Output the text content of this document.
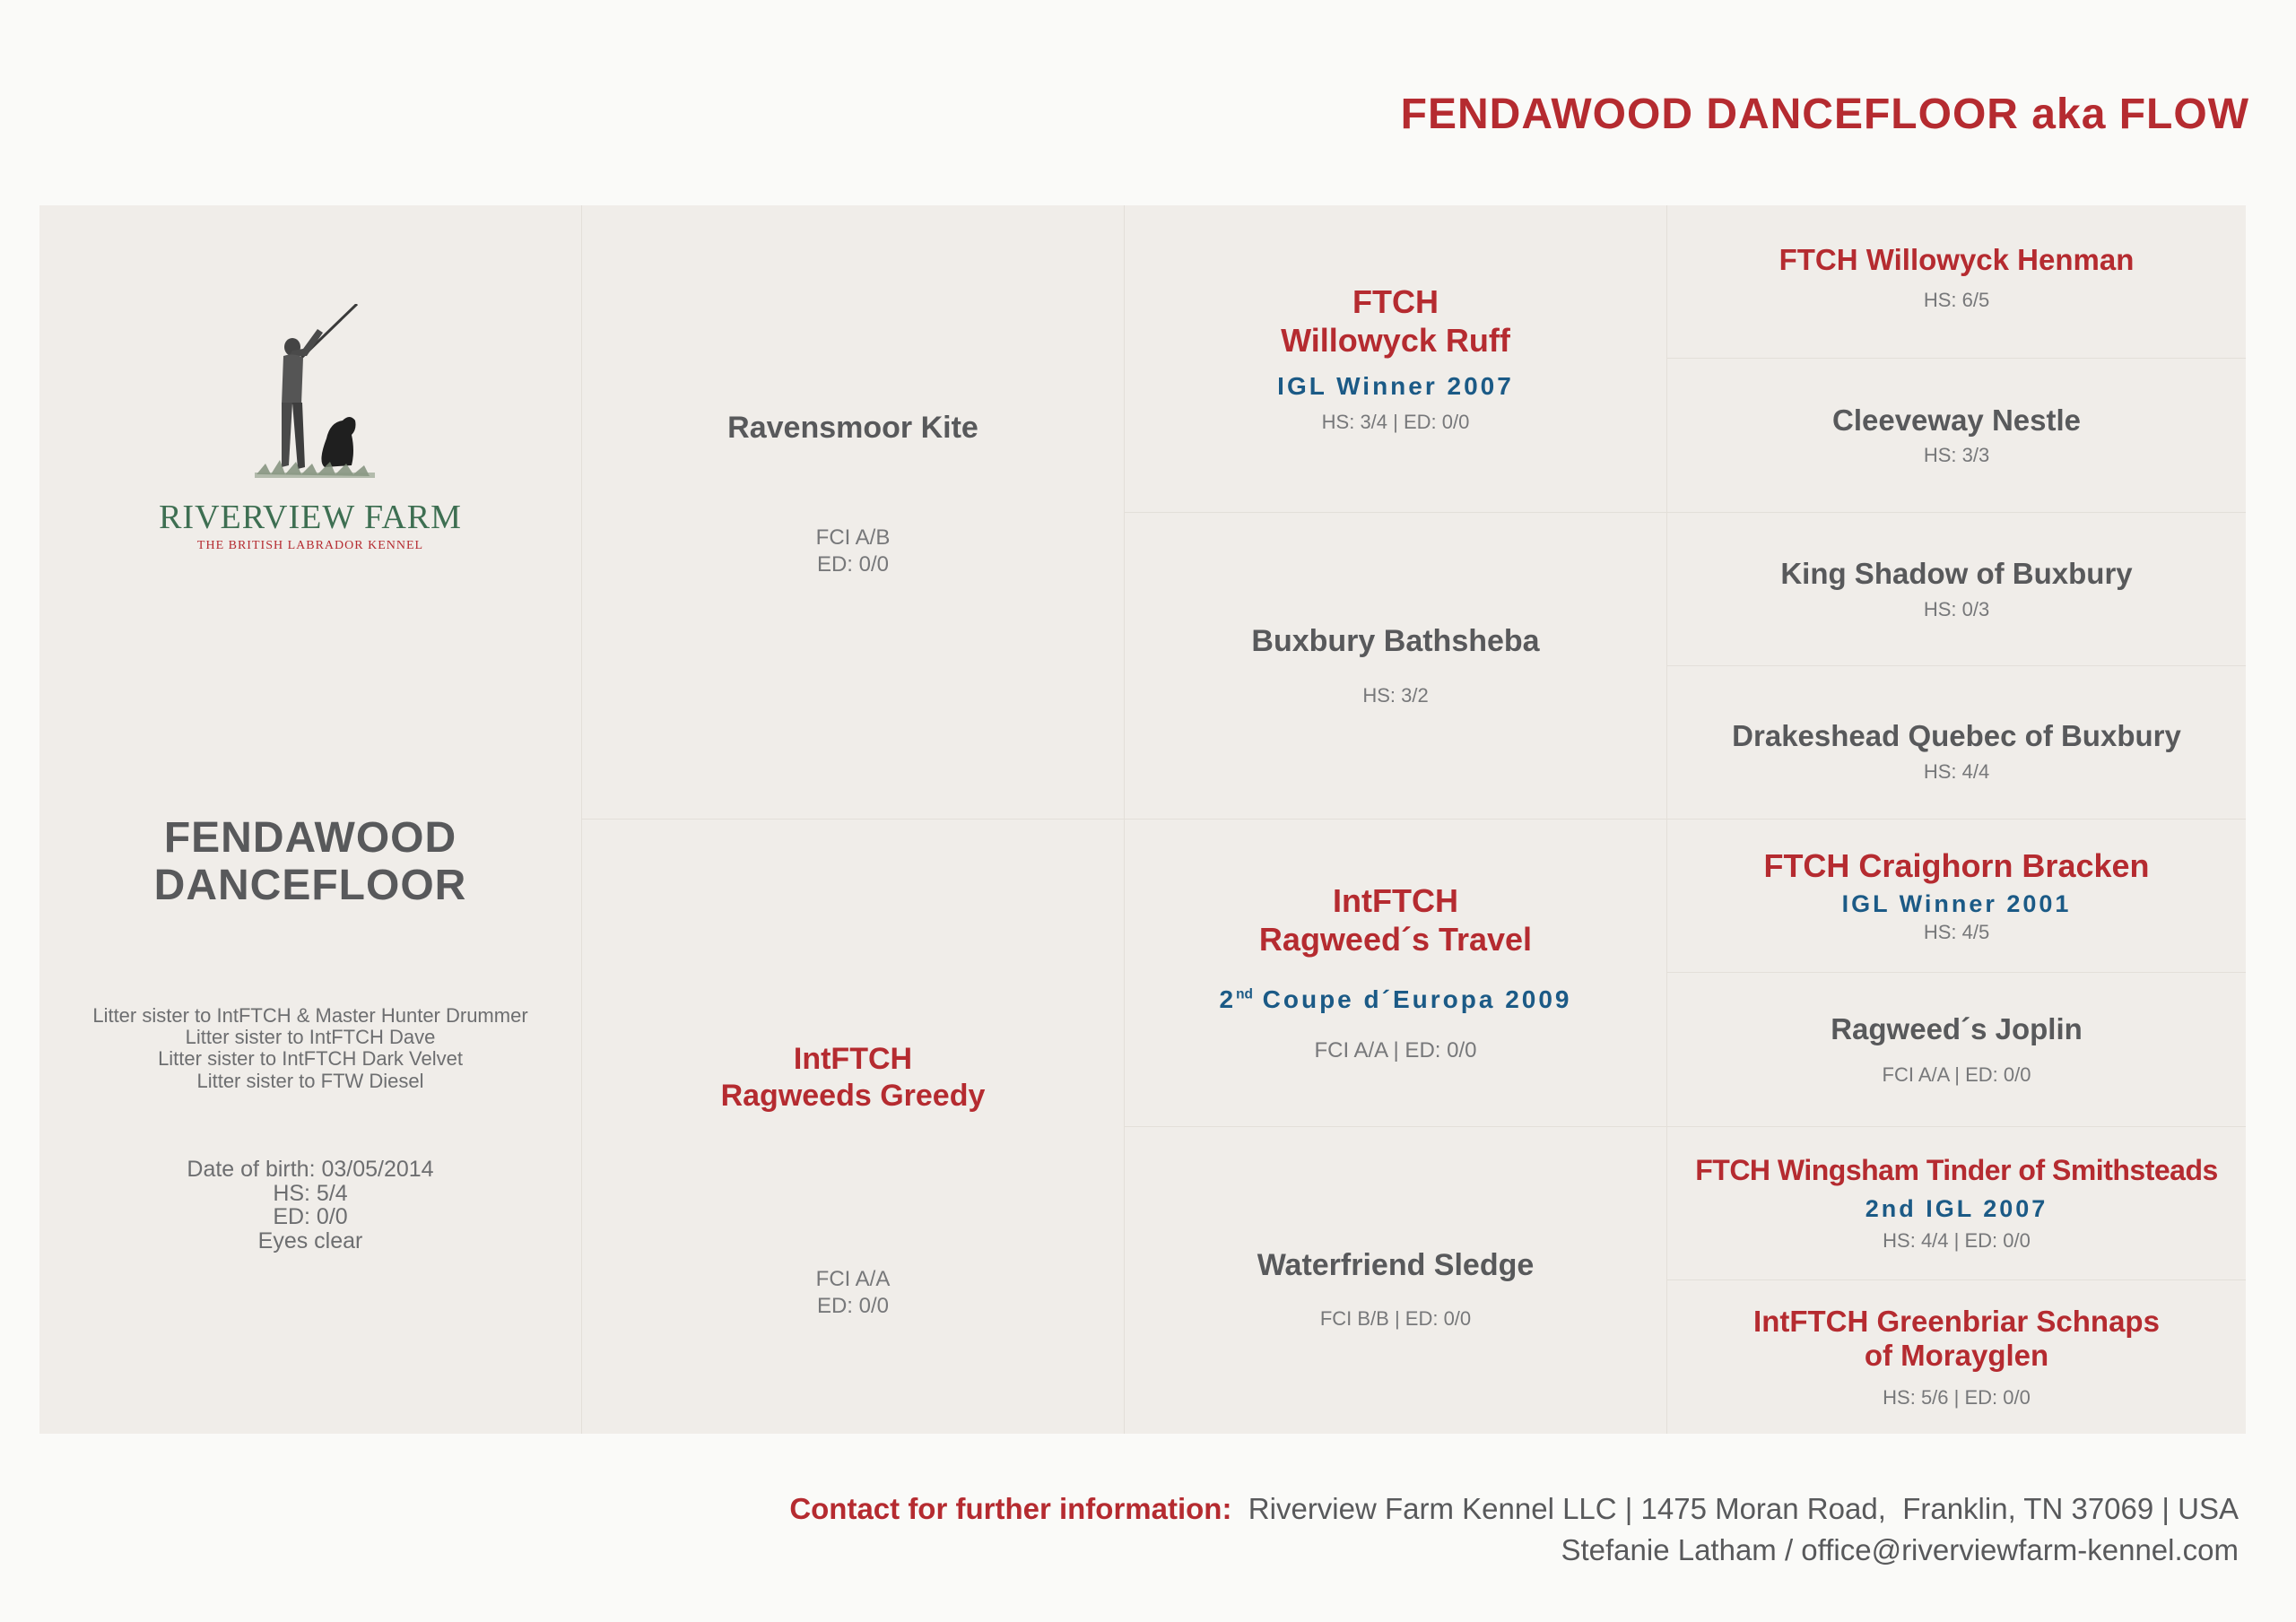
FENDAWOOD DANCEFLOOR aka FLOW
RIVERVIEW FARM
THE BRITISH LABRADOR KENNEL
FENDAWOOD
DANCEFLOOR
Litter sister to IntFTCH & Master Hunter Drummer
Litter sister to IntFTCH Dave
Litter sister to IntFTCH Dark Velvet
Litter sister to FTW Diesel
Date of birth: 03/05/2014
HS: 5/4
ED: 0/0
Eyes clear
Ravensmoor Kite
FCI A/B
ED: 0/0
IntFTCH
Ragweeds Greedy
FCI A/A
ED: 0/0
FTCH
Willowyck Ruff
IGL Winner 2007
HS: 3/4 | ED: 0/0
Buxbury Bathsheba
HS: 3/2
IntFTCH
Ragweed´s Travel
2nd Coupe d´Europa 2009
FCI A/A | ED: 0/0
Waterfriend Sledge
FCI B/B | ED: 0/0
FTCH Willowyck Henman
HS: 6/5
Cleeveway Nestle
HS: 3/3
King Shadow of Buxbury
HS: 0/3
Drakeshead Quebec of Buxbury
HS: 4/4
FTCH Craighorn Bracken
IGL Winner 2001
HS: 4/5
Ragweed´s Joplin
FCI A/A | ED: 0/0
FTCH Wingsham Tinder of Smithsteads
2nd IGL 2007
HS: 4/4 | ED: 0/0
IntFTCH Greenbriar Schnaps
of Morayglen
HS: 5/6 | ED: 0/0
Contact for further information: Riverview Farm Kennel LLC | 1475 Moran Road,  Franklin, TN 37069 | USA
Stefanie Latham / office@riverviewfarm-kennel.com
